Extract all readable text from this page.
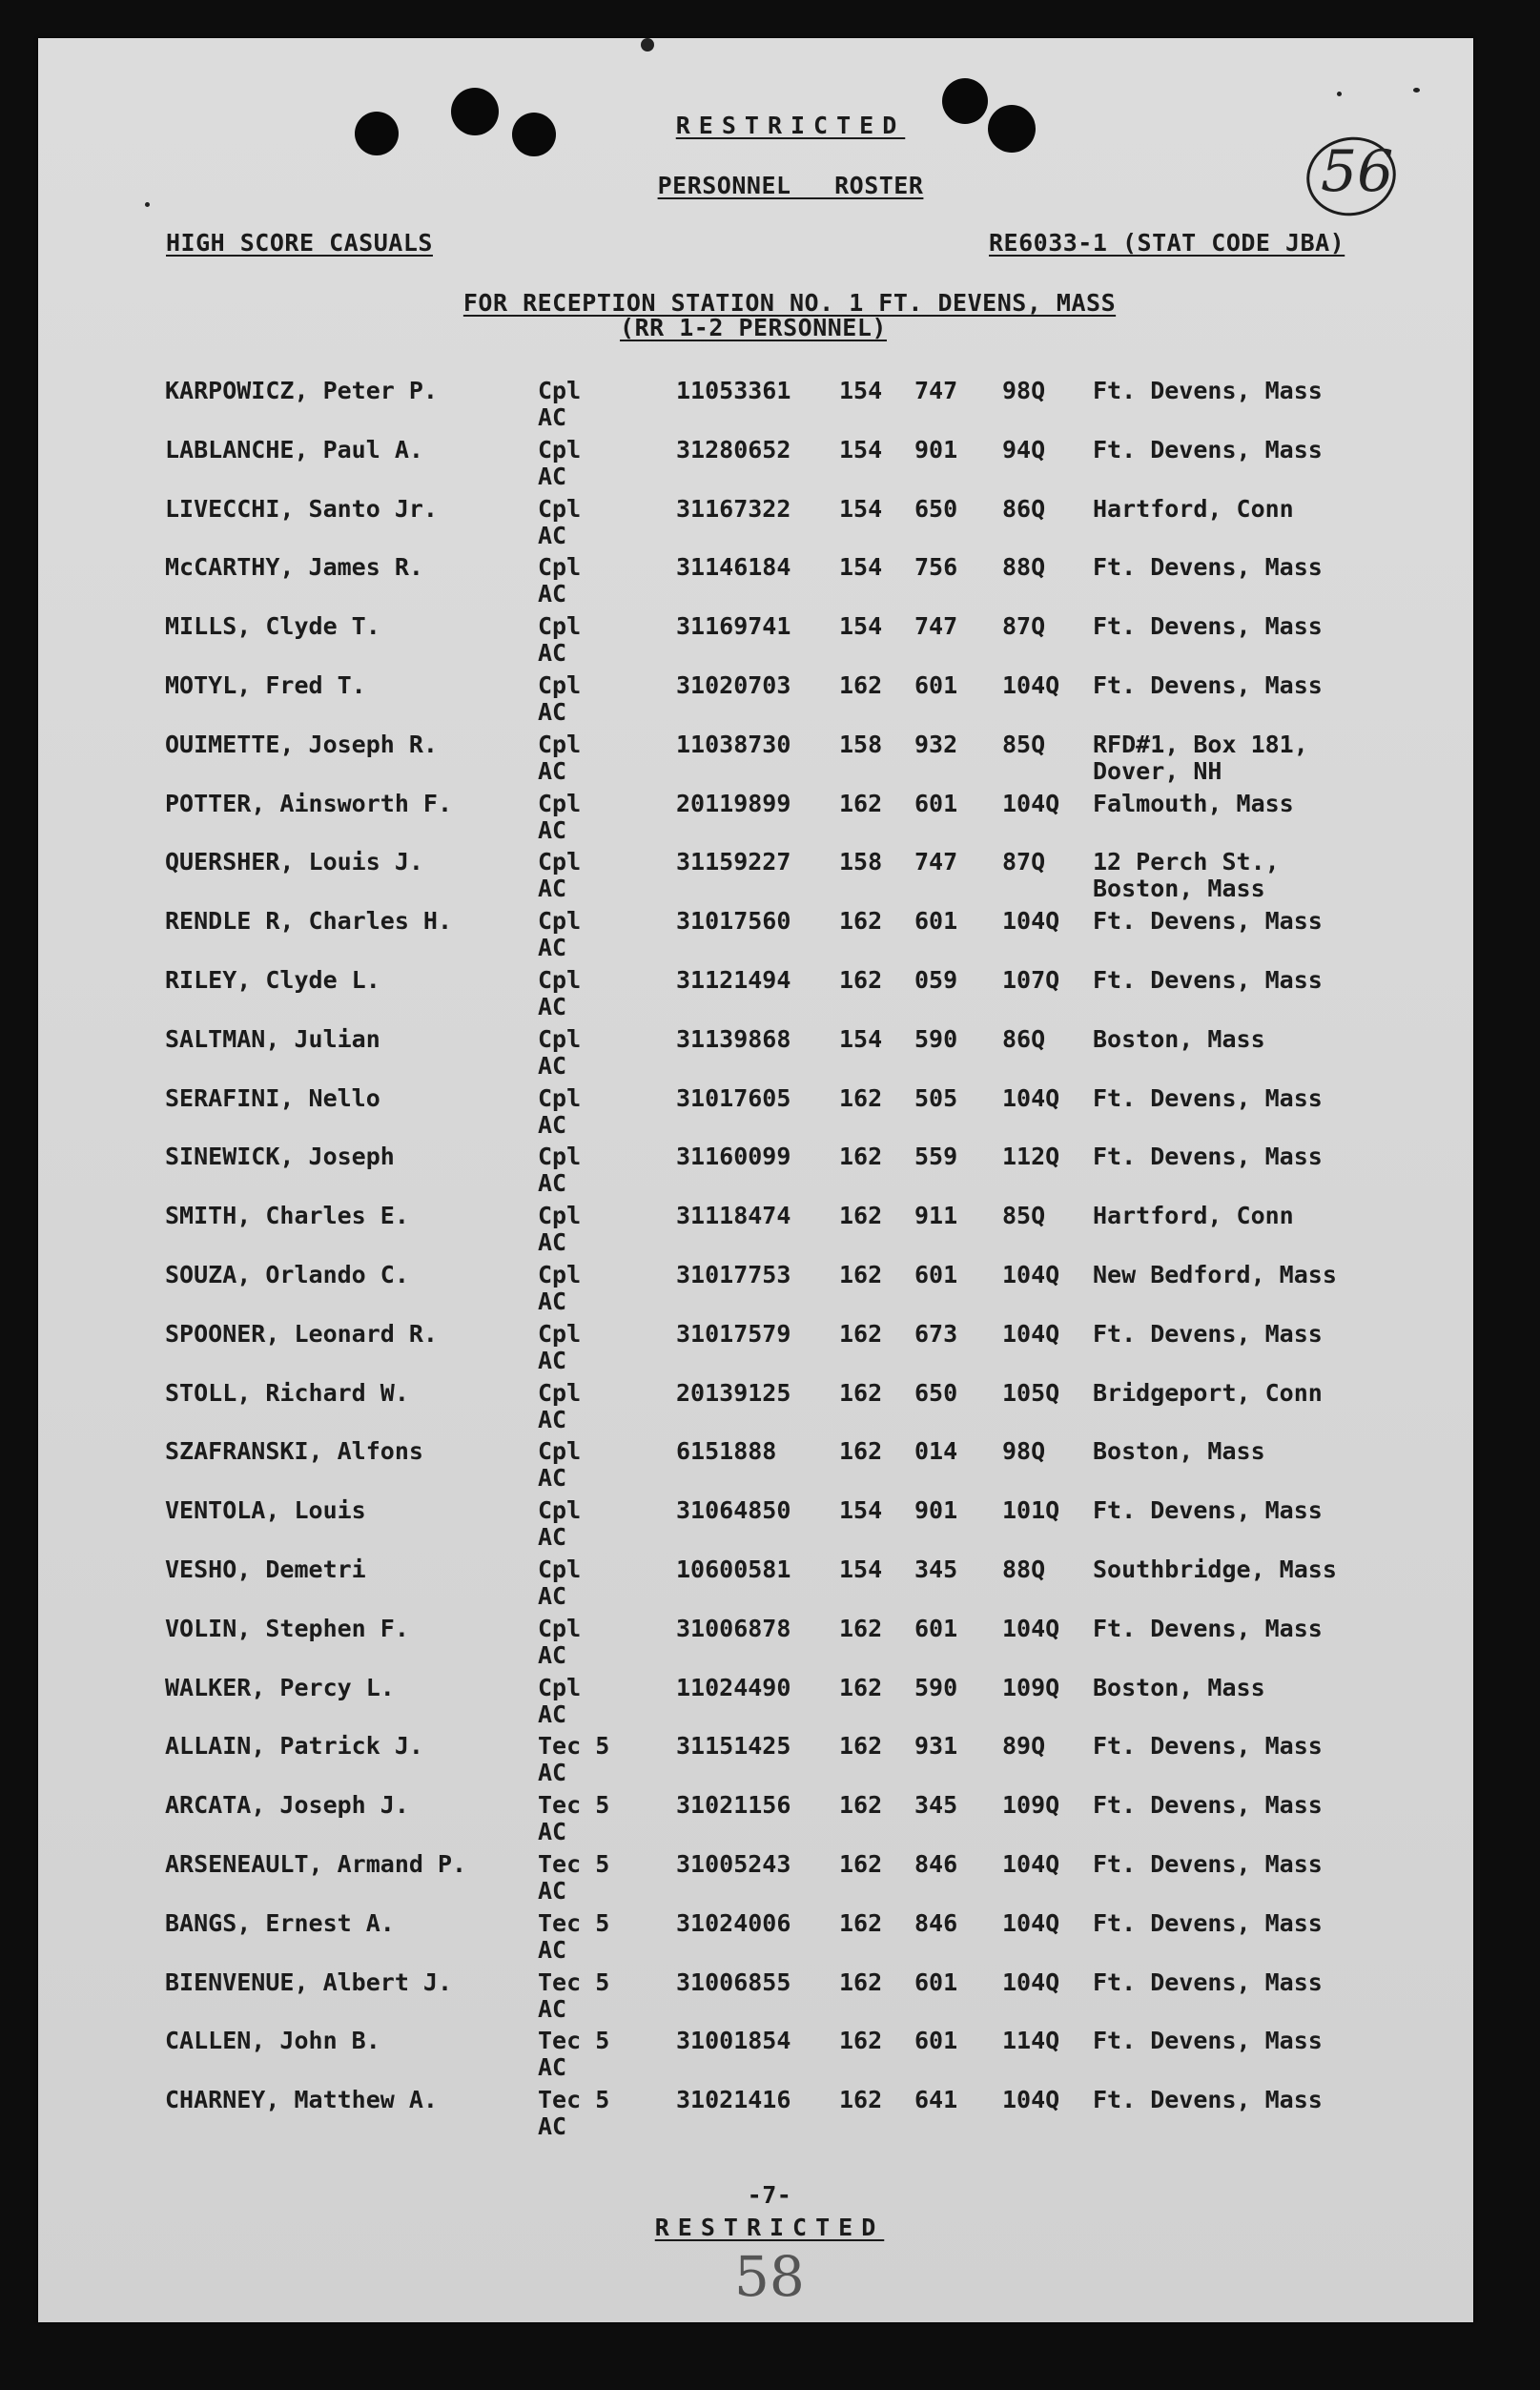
RESTRICTED
PERSONNEL ROSTER
HIGH SCORE CASUALS	RE6033-1 (STAT CODE JBA)
FOR RECEPTION STATION NO. 1 FT. DEVENS, MASS
(RR 1-2 PERSONNEL)
56
KARPOWICZ, Peter P.	Cpl	11053361 154 747 98Q Ft. Devens, Mass
AC
LABLANCHE, Paul A.	Cpl	31280652 154 901 94Q Ft. Devens, Mass
AC
LIVECCHI, Santo Jr.	Cpl	31167322 154 650 86Q Hartford, Conn
AC
McCARTHY, James R.	Cpl	31146184 154 756 88Q Ft. Devens, Mass
AC
MILLS, Clyde T.	Cpl	31169741 154 747 87Q Ft. Devens, Mass
AC
MOTYL, Fred T.	Cpl	31020703 162 601 104Q Ft. Devens, Mass
AC
OUIMETTE, Joseph R.	Cpl	11038730 158 932 85Q RFD#1, Box 181,
AC	Dover, NH
POTTER, Ainsworth F.	Cpl	20119899 162 601 104Q Falmouth, Mass
AC
QUERSHER, Louis J.	Cpl	31159227 158 747 87Q 12 Perch St.,
AC	Boston, Mass
RENDLE R, Charles H.	Cpl	31017560 162 601 104Q Ft. Devens, Mass
AC
RILEY, Clyde L.	Cpl	31121494 162 059 107Q Ft. Devens, Mass
AC
SALTMAN, Julian	Cpl	31139868 154 590 86Q Boston, Mass
AC
SERAFINI, Nello	Cpl	31017605 162 505 104Q Ft. Devens, Mass
AC
SINEWICK, Joseph	Cpl	31160099 162 559 112Q Ft. Devens, Mass
AC
SMITH, Charles E.	Cpl	31118474 162 911 85Q Hartford, Conn
AC
SOUZA, Orlando C.	Cpl	31017753 162 601 104Q New Bedford, Mass
AC
SPOONER, Leonard R.	Cpl	31017579 162 673 104Q Ft. Devens, Mass
AC
STOLL, Richard W.	Cpl	20139125 162 650 105Q Bridgeport, Conn
AC
SZAFRANSKI, Alfons	Cpl	6151888	162 014 98Q Boston, Mass
AC
VENTOLA, Louis	Cpl	31064850 154 901 101Q Ft. Devens, Mass
AC
VESHO, Demetri	Cpl	10600581 154 345 88Q Southbridge, Mass
AC
VOLIN, Stephen F.	Cpl	31006878 162 601 104Q Ft. Devens, Mass
AC
WALKER, Percy L.	Cpl	11024490 162 590 109Q Boston, Mass
AC
ALLAIN, Patrick J.	Tec 5	31151425 162 931 89Q Ft. Devens, Mass
AC
ARCATA, Joseph J.	Tec 5	31021156 162 345 109Q Ft. Devens, Mass
AC
ARSENEAULT, Armand P.	Tec 5	31005243 162 846 104Q Ft. Devens, Mass
AC
BANGS, Ernest A.	Tec 5	31024006 162 846 104Q Ft. Devens, Mass
AC
BIENVENUE, Albert J.	Tec 5	31006855 162 601 104Q Ft. Devens, Mass
AC
CALLEN, John B.	Tec 5	31001854 162 601 114Q Ft. Devens, Mass
AC
CHARNEY, Matthew A.	Tec 5	31021416 162 641 104Q Ft. Devens, Mass
AC
-7-
RESTRICTED
58
